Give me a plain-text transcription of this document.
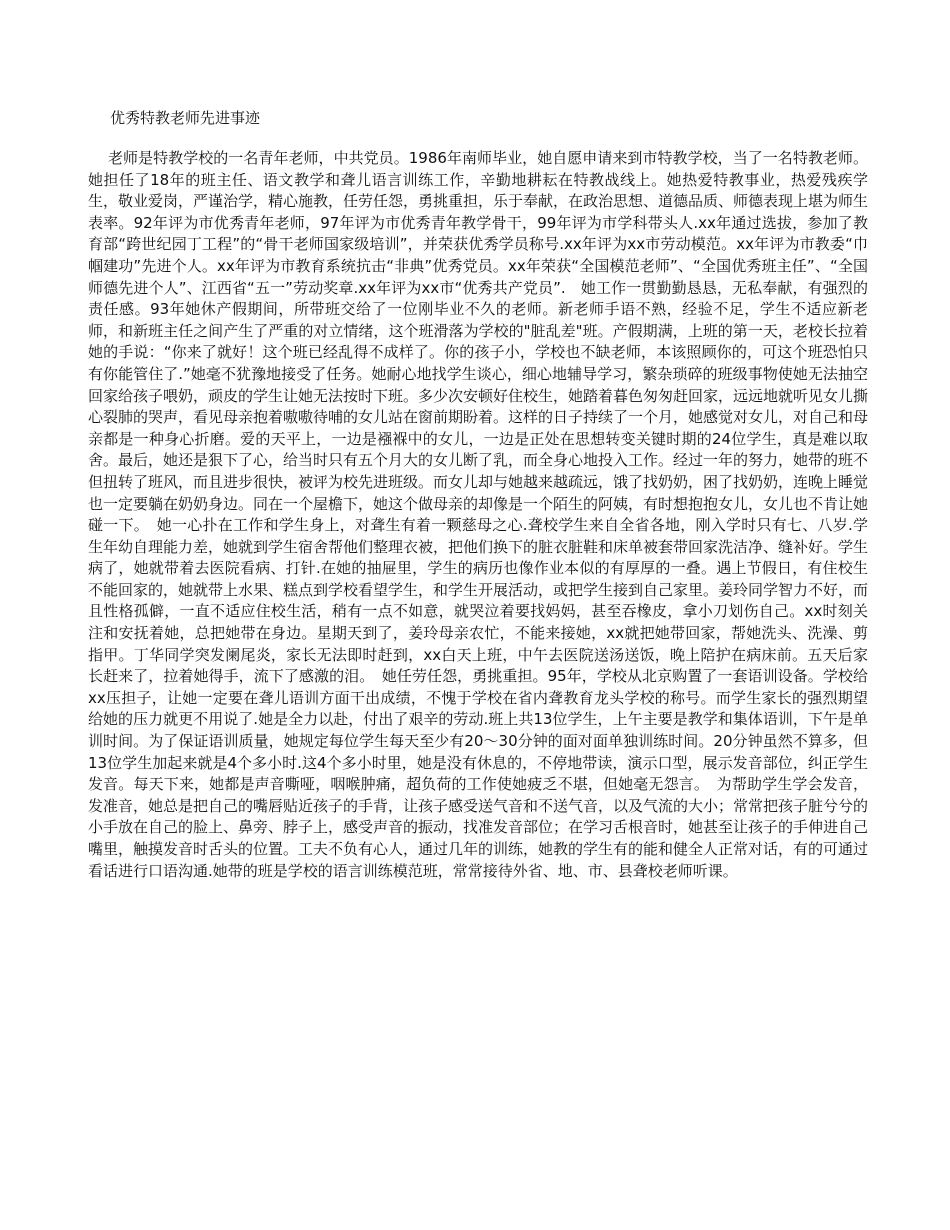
优秀特教老师先进事迹

老师是特教学校的一名青年老师，中共党员。1986年南师毕业，她自愿申请来到市特教学校，当了一名特教老师。她担任了18年的班主任、语文教学和聋儿语言训练工作，辛勤地耕耘在特教战线上。她热爱特教事业，热爱残疾学生，敬业爱岗，严谨治学，精心施教，任劳任怨，勇挑重担，乐于奉献，在政治思想、道德品质、师德表现上堪为师生表率。92年评为市优秀青年老师，97年评为市优秀青年教学骨干，99年评为市学科带头人.xx年通过选拔，参加了教育部“跨世纪园丁工程”的“骨干老师国家级培训”，并荣获优秀学员称号.xx年评为xx市劳动模范。xx年评为市教委“巾帼建功”先进个人。xx年评为市教育系统抗击“非典”优秀党员。xx年荣获“全国模范老师”、“全国优秀班主任”、“全国师德先进个人”、江西省“五一”劳动奖章.xx年评为xx市“优秀共产党员”.　她工作一贯勤勤恳恳，无私奉献，有强烈的责任感。93年她休产假期间，所带班交给了一位刚毕业不久的老师。新老师手语不熟，经验不足，学生不适应新老师，和新班主任之间产生了严重的对立情绪，这个班滑落为学校的"脏乱差"班。产假期满，上班的第一天，老校长拉着她的手说：“你来了就好！这个班已经乱得不成样了。你的孩子小，学校也不缺老师，本该照顾你的，可这个班恐怕只有你能管住了.”她毫不犹豫地接受了任务。她耐心地找学生谈心，细心地辅导学习，繁杂琐碎的班级事物使她无法抽空回家给孩子喂奶，顽皮的学生让她无法按时下班。多少次安顿好住校生，她踏着暮色匆匆赶回家，远远地就听见女儿撕心裂肺的哭声，看见母亲抱着嗷嗷待哺的女儿站在窗前期盼着。这样的日子持续了一个月，她感觉对女儿，对自己和母亲都是一种身心折磨。爱的天平上，一边是襁褓中的女儿，一边是正处在思想转变关键时期的24位学生，真是难以取舍。最后，她还是狠下了心，给当时只有五个月大的女儿断了乳，而全身心地投入工作。经过一年的努力，她带的班不但扭转了班风，而且进步很快，被评为校先进班级。而女儿却与她越来越疏远，饿了找奶奶，困了找奶奶，连晚上睡觉也一定要躺在奶奶身边。同在一个屋檐下，她这个做母亲的却像是一个陌生的阿姨，有时想抱抱女儿，女儿也不肯让她碰一下。　她一心扑在工作和学生身上，对聋生有着一颗慈母之心.聋校学生来自全省各地，刚入学时只有七、八岁.学生年幼自理能力差，她就到学生宿舍帮他们整理衣被，把他们换下的脏衣脏鞋和床单被套带回家洗洁净、缝补好。学生病了，她就带着去医院看病、打针.在她的抽屉里，学生的病历也像作业本似的有厚厚的一叠。遇上节假日，有住校生不能回家的，她就带上水果、糕点到学校看望学生，和学生开展活动，或把学生接到自己家里。姜玲同学智力不好，而且性格孤僻，一直不适应住校生活，稍有一点不如意，就哭泣着要找妈妈，甚至吞橡皮，拿小刀划伤自己。xx时刻关注和安抚着她，总把她带在身边。星期天到了，姜玲母亲农忙，不能来接她，xx就把她带回家，帮她洗头、洗澡、剪指甲。丁华同学突发阑尾炎，家长无法即时赶到，xx白天上班，中午去医院送汤送饭，晚上陪护在病床前。五天后家长赶来了，拉着她得手，流下了感激的泪。　她任劳任怨，勇挑重担。95年，学校从北京购置了一套语训设备。学校给xx压担子，让她一定要在聋儿语训方面干出成绩，不愧于学校在省内聋教育龙头学校的称号。而学生家长的强烈期望给她的压力就更不用说了.她是全力以赴，付出了艰辛的劳动.班上共13位学生，上午主要是教学和集体语训，下午是单训时间。为了保证语训质量，她规定每位学生每天至少有20～30分钟的面对面单独训练时间。20分钟虽然不算多，但13位学生加起来就是4个多小时.这4个多小时里，她是没有休息的，不停地带读，演示口型，展示发音部位，纠正学生发音。每天下来，她都是声音嘶哑，咽喉肿痛，超负荷的工作使她疲乏不堪，但她毫无怨言。　为帮助学生学会发音，发准音，她总是把自己的嘴唇贴近孩子的手背，让孩子感受送气音和不送气音，以及气流的大小；常常把孩子脏兮兮的小手放在自己的脸上、鼻旁、脖子上，感受声音的振动，找准发音部位；在学习舌根音时，她甚至让孩子的手伸进自己嘴里，触摸发音时舌头的位置。工夫不负有心人，通过几年的训练，她教的学生有的能和健全人正常对话，有的可通过看话进行口语沟通.她带的班是学校的语言训练模范班，常常接待外省、地、市、县聋校老师听课。
